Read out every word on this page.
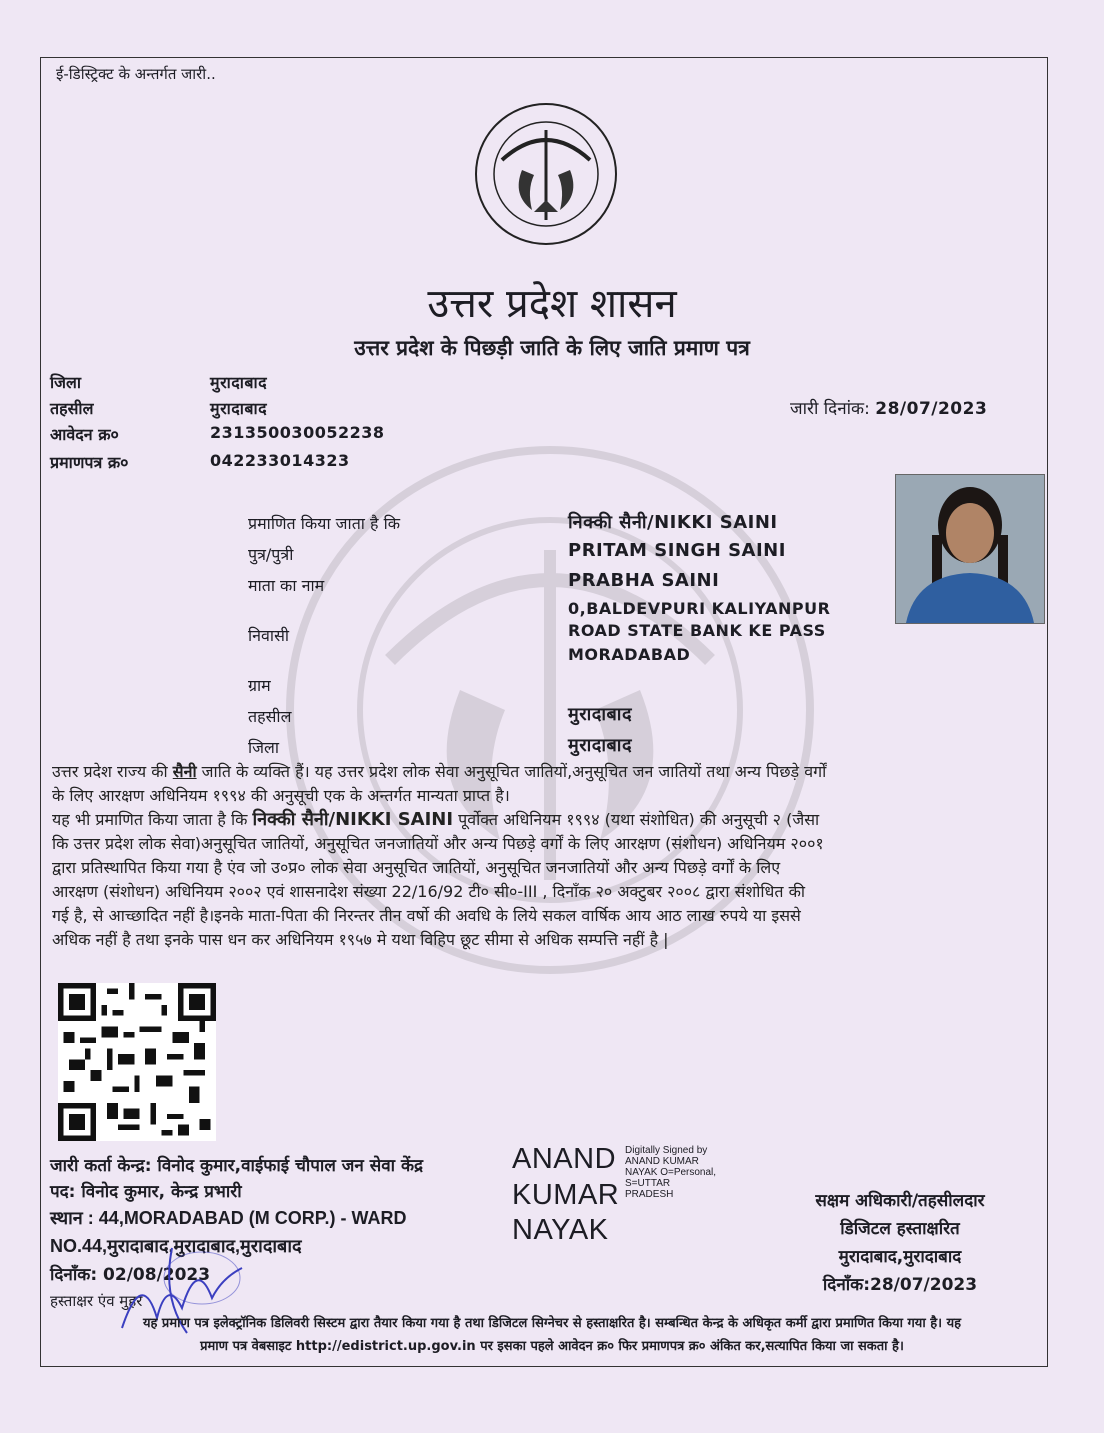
ई-डिस्ट्रिक्ट के अन्तर्गत जारी..
उत्तर प्रदेश शासन
उत्तर प्रदेश के पिछड़ी जाति के लिए जाति प्रमाण पत्र
जिला	मुरादाबाद
तहसील	मुरादाबाद
आवेदन क्र०	231350030052238
प्रमाणपत्र क्र०	042233014323
जारी दिनांक: 28/07/2023
प्रमाणित किया जाता है कि	निक्की सैनी/NIKKI SAINI
पुत्र/पुत्री	PRITAM SINGH SAINI
माता का नाम	PRABHA SAINI
0,BALDEVPURI KALIYANPUR
निवासी	ROAD STATE BANK KE PASS
MORADABAD
ग्राम
तहसील	मुरादाबाद
जिला	मुरादाबाद
उत्तर प्रदेश राज्य की सैनी जाति के व्यक्ति हैं। यह उत्तर प्रदेश लोक सेवा अनुसूचित जातियों,अनुसूचित जन जातियों तथा अन्य पिछड़े वर्गों
के लिए आरक्षण अधिनियम १९९४ की अनुसूची एक के अन्तर्गत मान्यता प्राप्त है।
यह भी प्रमाणित किया जाता है कि निक्की सैनी/NIKKI SAINI पूर्वोक्त अधिनियम १९९४ (यथा संशोधित) की अनुसूची २ (जैसा
कि उत्तर प्रदेश लोक सेवा)अनुसूचित जातियों, अनुसूचित जनजातियों और अन्य पिछड़े वर्गों के लिए आरक्षण (संशोधन) अधिनियम २००१
द्वारा प्रतिस्थापित किया गया है एंव जो उ०प्र० लोक सेवा अनुसूचित जातियों, अनुसूचित जनजातियों और अन्य पिछड़े वर्गों के लिए
आरक्षण (संशोधन) अधिनियम २००२ एवं शासनादेश संख्या 22/16/92 टी० सी०-III , दिनाँक २० अक्टुबर २००८ द्वारा संशोधित की
गई है, से आच्छादित नहीं है।इनके माता-पिता की निरन्तर तीन वर्षो की अवधि के लिये सकल वार्षिक आय आठ लाख रुपये या इससे
अधिक नहीं है तथा इनके पास धन कर अधिनियम १९५७ मे यथा विहिप छूट सीमा से अधिक सम्पत्ति नहीं है |
जारी कर्ता केन्द्र: विनोद कुमार,वाईफाई चौपाल जन सेवा केंद्र
पद: विनोद कुमार, केन्द्र प्रभारी
स्थान : 44,MORADABAD (M CORP.) - WARD
NO.44,मुरादाबाद,मुरादाबाद,मुरादाबाद
दिनाँक: 02/08/2023
हस्ताक्षर एंव मुहर
ANAND
KUMAR
NAYAK
Digitally Signed by
ANAND KUMAR
NAYAK O=Personal,
S=UTTAR
PRADESH	सक्षम अधिकारी/तहसीलदार
डिजिटल हस्ताक्षरित
मुरादाबाद,मुरादाबाद
दिनाँक:28/07/2023
यह प्रमाण पत्र इलेक्ट्रॉनिक डिलिवरी सिस्टम द्वारा तैयार किया गया है तथा डिजिटल सिग्नेचर से हस्ताक्षरित है। सम्बन्धित केन्द्र के अधिकृत कर्मी द्वारा प्रमाणित किया गया है। यह
प्रमाण पत्र वेबसाइट http://edistrict.up.gov.in पर इसका पहले आवेदन क्र० फिर प्रमाणपत्र क्र० अंकित कर,सत्यापित किया जा सकता है।
